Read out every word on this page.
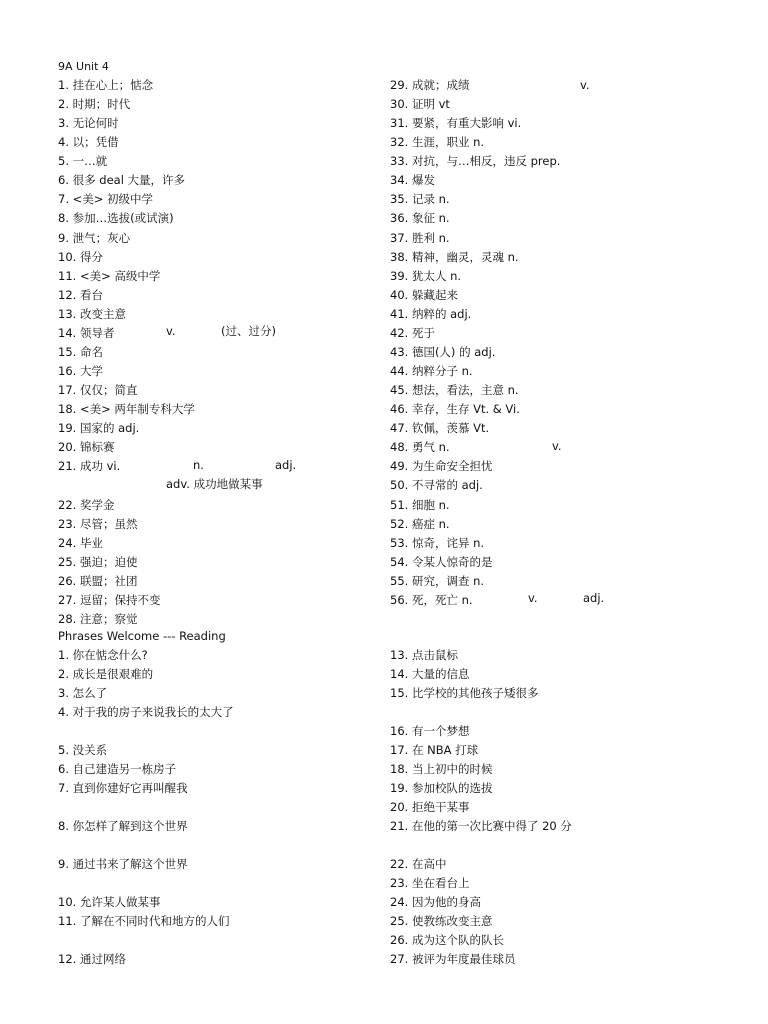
9A Unit 4
1. 挂在心上；惦念
2. 时期；时代
3. 无论何时
4. 以；凭借
5. 一…就
6. 很多 deal 大量，许多
7. <美> 初级中学
8. 参加…选拔(或试演)
9. 泄气；灰心
10. 得分
11. <美> 高级中学
12. 看台
13. 改变主意
14. 领导者
15. 命名
16. 大学
17. 仅仅；简直
18. <美> 两年制专科大学
19. 国家的 adj.
20. 锦标赛
21. 成功 vi.
22. 奖学金
23. 尽管；虽然
24. 毕业
25. 强迫；迫使
26. 联盟；社团
27. 逗留；保持不变
28. 注意；察觉
29. 成就；成绩
30. 证明 vt
31. 要紧，有重大影响 vi.
32. 生涯，职业 n.
33. 对抗，与…相反，违反 prep.
34. 爆发
35. 记录 n.
36. 象征 n.
37. 胜利 n.
38. 精神，幽灵，灵魂 n.
39. 犹太人 n.
40. 躲藏起来
41. 纳粹的 adj.
42. 死于
43. 德国(人) 的 adj.
44. 纳粹分子 n.
45. 想法，看法，主意 n.
46. 幸存，生存 Vt. & Vi.
47. 钦佩，羡慕 Vt.
48. 勇气 n.
49. 为生命安全担忧
50. 不寻常的 adj.
51. 细胞 n.
52. 癌症 n.
53. 惊奇，诧异 n.
54. 令某人惊奇的是
55. 研究，调查 n.
56. 死，死亡 n.
v.	(过、过分)
n.	adj.
adv. 成功地做某事
v.
v.
v.	adj.
Phrases Welcome --- Reading
1. 你在惦念什么?
2. 成长是很艰难的
3. 怎么了
4. 对于我的房子来说我长的太大了
5. 没关系
6. 自己建造另一栋房子
7. 直到你建好它再叫醒我
8. 你怎样了解到这个世界
9. 通过书来了解这个世界
10. 允许某人做某事
11. 了解在不同时代和地方的人们
12. 通过网络
13. 点击鼠标
14. 大量的信息
15. 比学校的其他孩子矮很多
16. 有一个梦想
17. 在 NBA 打球
18. 当上初中的时候
19. 参加校队的选拔
20. 拒绝干某事
21. 在他的第一次比赛中得了 20 分
22. 在高中
23. 坐在看台上
24. 因为他的身高
25. 使教练改变主意
26. 成为这个队的队长
27. 被评为年度最佳球员
